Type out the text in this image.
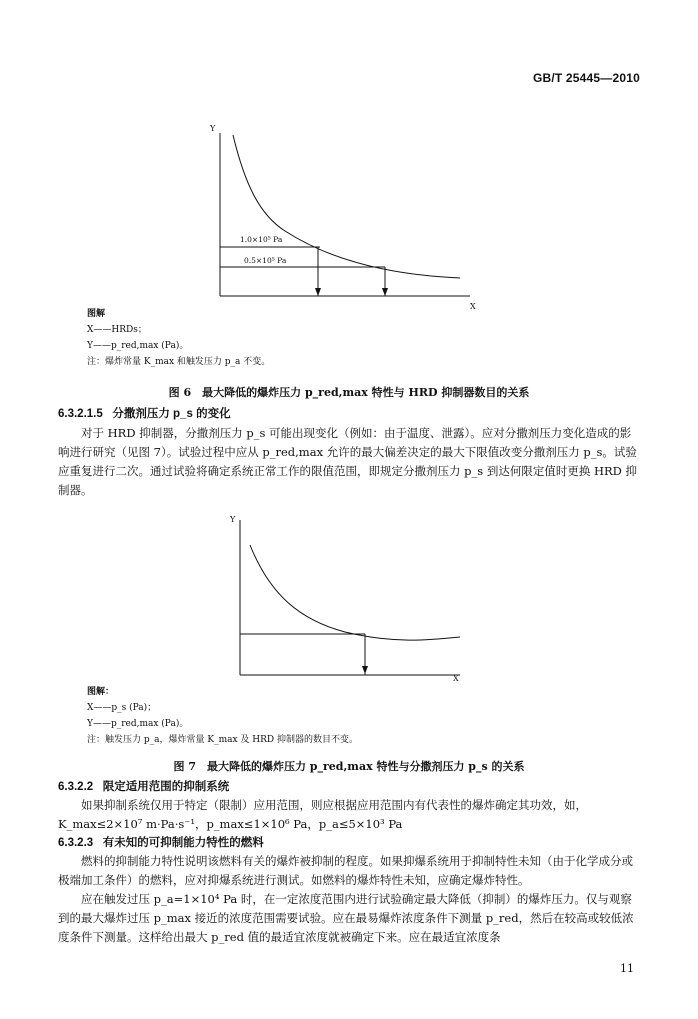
GB/T 25445—2010
Y
X
1.0×10⁵ Pa
0.5×10⁵ Pa
图解
X——HRDs；
Y——p_red,max (Pa)。
注：爆炸常量 K_max 和触发压力 p_a 不变。
图 6　最大降低的爆炸压力 p_red,max 特性与 HRD 抑制器数目的关系
6.3.2.1.5 分撒剂压力 p_s 的变化

对于 HRD 抑制器，分撒剂压力 p_s 可能出现变化（例如：由于温度、泄露）。应对分撒剂压力变化造成的影响进行研究（见图 7）。试验过程中应从 p_red,max 允许的最大偏差决定的最大下限值改变分撒剂压力 p_s。试验应重复进行二次。通过试验将确定系统正常工作的限值范围，即规定分撒剂压力 p_s 到达何限定值时更换 HRD 抑制器。

Y
X
图解：
X——p_s (Pa)；
Y——p_red,max (Pa)。
注：触发压力 p_a，爆炸常量 K_max 及 HRD 抑制器的数目不变。
图 7　最大降低的爆炸压力 p_red,max 特性与分撒剂压力 p_s 的关系
6.3.2.2 限定适用范围的抑制系统

如果抑制系统仅用于特定（限制）应用范围，则应根据应用范围内有代表性的爆炸确定其功效，如，

K_max≤2×10⁷ m·Pa·s⁻¹，p_max≤1×10⁶ Pa，p_a≤5×10³ Pa

6.3.2.3 有未知的可抑制能力特性的燃料

燃料的抑制能力特性说明该燃料有关的爆炸被抑制的程度。如果抑爆系统用于抑制特性未知（由于化学成分或极端加工条件）的燃料，应对抑爆系统进行测试。如燃料的爆炸特性未知，应确定爆炸特性。

应在触发过压 p_a=1×10⁴ Pa 时，在一定浓度范围内进行试验确定最大降低（抑制）的爆炸压力。仅与观察到的最大爆炸过压 p_max 接近的浓度范围需要试验。应在最易爆炸浓度条件下测量 p_red，然后在较高或较低浓度条件下测量。这样给出最大 p_red 值的最适宜浓度就被确定下来。应在最适宜浓度条

11
